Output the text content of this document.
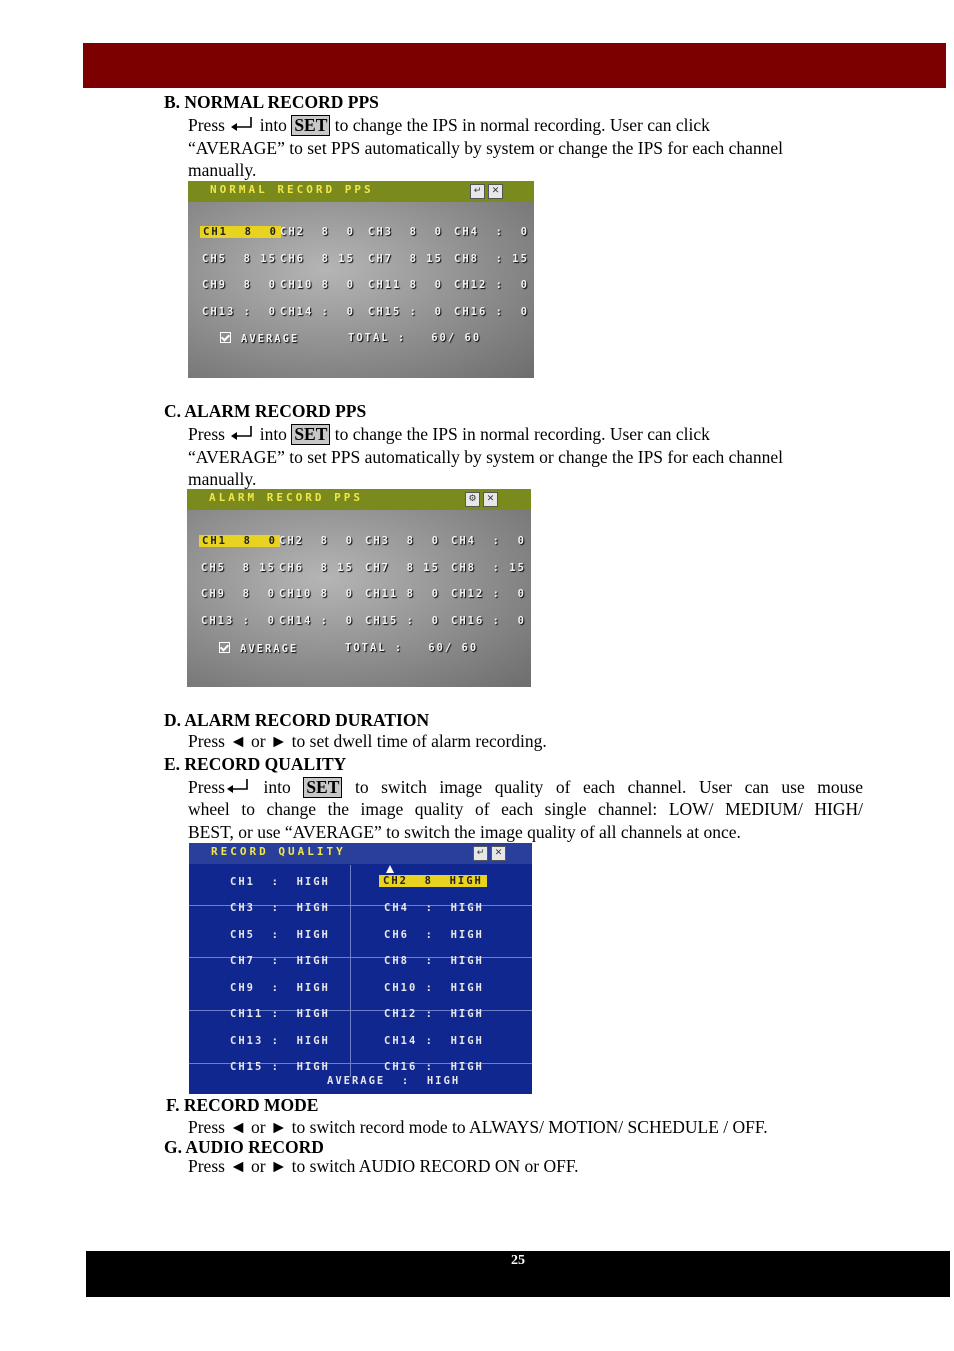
B. NORMAL RECORD PPS
Press into SET to change the IPS in normal recording. User can click
“AVERAGE” to set PPS automatically by system or change the IPS for each channel
manually.
NORMAL RECORD PPS	↵	✕
CH1  8  0 CH2  8  0 CH3  8  0 CH4  :  0
CH5  8 15 CH6  8 15 CH7  8 15 CH8  : 15
CH9  8  0 CH10 8  0 CH11 8  0 CH12 :  0
CH13 :  0 CH14 :  0 CH15 :  0 CH16 :  0
AVERAGE	TOTAL :   60/ 60
C. ALARM RECORD PPS
Press into SET to change the IPS in normal recording. User can click
“AVERAGE” to set PPS automatically by system or change the IPS for each channel
manually.
ALARM RECORD PPS	⚙	✕
CH1  8  0 CH2  8  0 CH3  8  0 CH4  :  0
CH5  8 15 CH6  8 15 CH7  8 15 CH8  : 15
CH9  8  0 CH10 8  0 CH11 8  0 CH12 :  0
CH13 :  0 CH14 :  0 CH15 :  0 CH16 :  0
AVERAGE	TOTAL :   60/ 60
D. ALARM RECORD DURATION
Press ◄ or ► to set dwell time of alarm recording.
E. RECORD QUALITY
Press into SET to switch image quality of each channel. User can use mouse
wheel to change the image quality of each single channel: LOW/ MEDIUM/ HIGH/
BEST, or use “AVERAGE” to switch the image quality of all channels at once.
RECORD QUALITY	↵	✕
CH1  :  HIGH	CH2  8  HIGH
CH3  :  HIGH	CH4  :  HIGH
CH5  :  HIGH	CH6  :  HIGH
CH7  :  HIGH	CH8  :  HIGH
CH9  :  HIGH	CH10 :  HIGH
CH11 :  HIGH	CH12 :  HIGH
CH13 :  HIGH	CH14 :  HIGH
CH15 :  HIGH	CH16 :  HIGH
AVERAGE  :  HIGH
F. RECORD MODE
Press ◄ or ► to switch record mode to ALWAYS/ MOTION/ SCHEDULE / OFF.
G. AUDIO RECORD
Press ◄ or ► to switch AUDIO RECORD ON or OFF.
25
